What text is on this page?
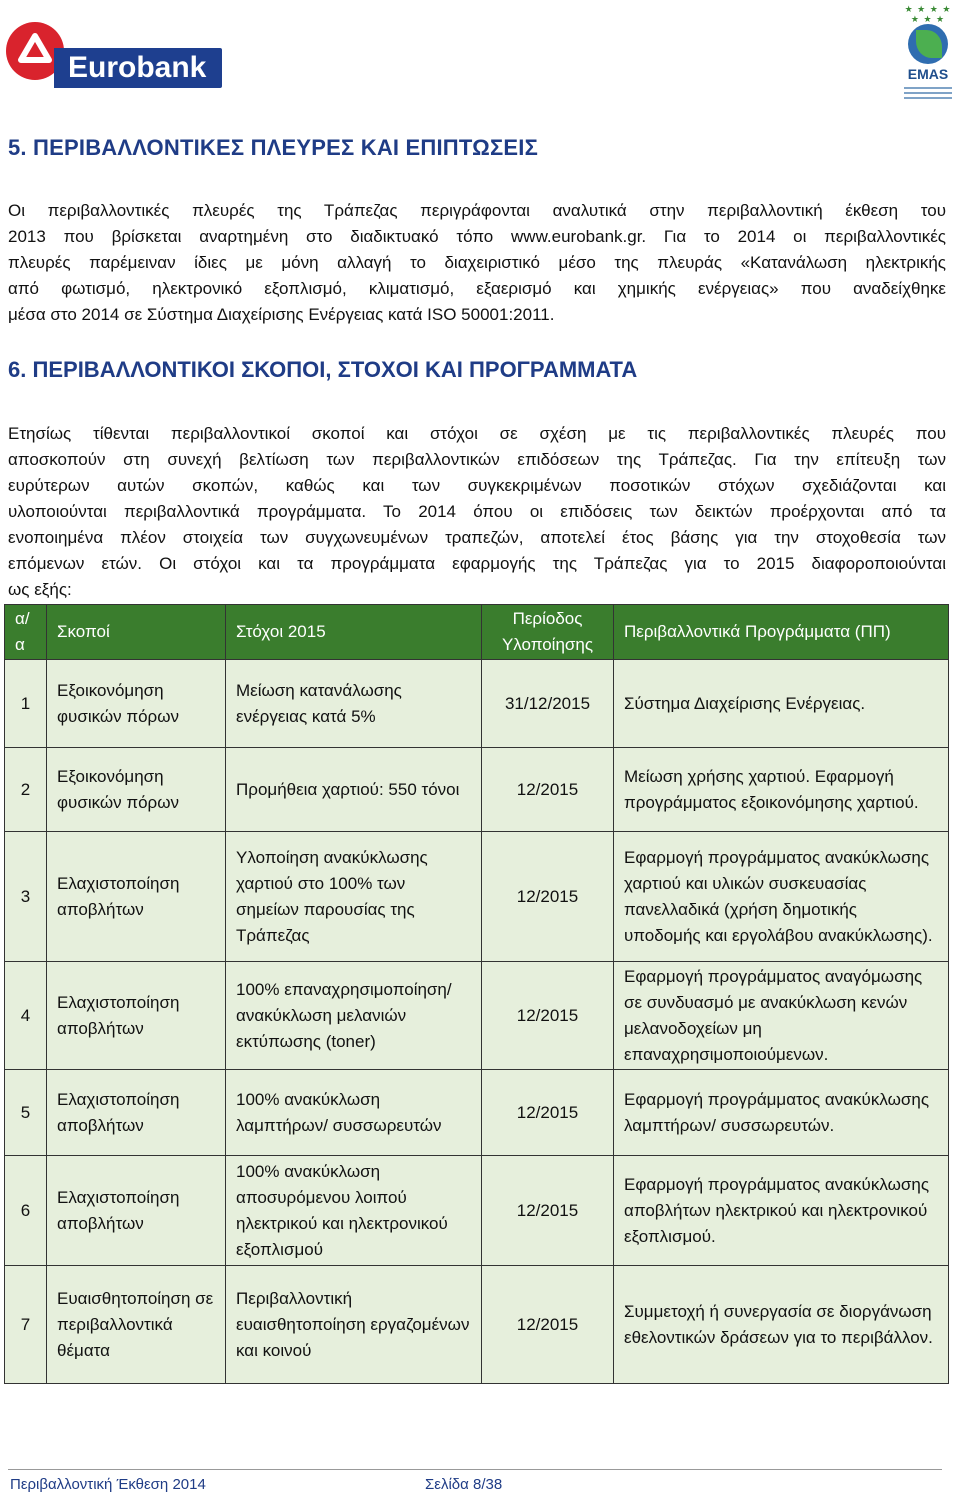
Eurobank
★ ★ ★ ★
★ ★ ★
EMAS
5. ΠΕΡΙΒΑΛΛΟΝΤΙΚΕΣ ΠΛΕΥΡΕΣ ΚΑΙ ΕΠΙΠΤΩΣΕΙΣ
Οι περιβαλλοντικές πλευρές της Τράπεζας περιγράφονται αναλυτικά στην περιβαλλοντική έκθεση του
2013 που βρίσκεται αναρτημένη στο διαδικτυακό τόπο www.eurobank.gr. Για το 2014 οι περιβαλλοντικές
πλευρές παρέμειναν ίδιες με μόνη αλλαγή το διαχειριστικό μέσο της πλευράς «Κατανάλωση ηλεκτρικής
από φωτισμό, ηλεκτρονικό εξοπλισμό, κλιματισμό, εξαερισμό και χημικής ενέργειας» που αναδείχθηκε
μέσα στο 2014 σε Σύστημα Διαχείρισης Ενέργειας κατά ISO 50001:2011.
6. ΠΕΡΙΒΑΛΛΟΝΤΙΚΟΙ ΣΚΟΠΟΙ, ΣΤΟΧΟΙ ΚΑΙ ΠΡΟΓΡΑΜΜΑΤΑ
Ετησίως τίθενται περιβαλλοντικοί σκοποί και στόχοι σε σχέση με τις περιβαλλοντικές πλευρές που
αποσκοπούν στη συνεχή βελτίωση των περιβαλλοντικών επιδόσεων της Τράπεζας. Για την επίτευξη των
ευρύτερων αυτών σκοπών, καθώς και των συγκεκριμένων ποσοτικών στόχων σχεδιάζονται και
υλοποιούνται περιβαλλοντικά προγράμματα. Το 2014 όπου οι επιδόσεις των δεικτών προέρχονται από τα
ενοποιημένα πλέον στοιχεία των συγχωνευμένων τραπεζών, αποτελεί έτος βάσης για την στοχοθεσία των
επόμενων ετών. Οι στόχοι και τα προγράμματα εφαρμογής της Τράπεζας για το 2015 διαφοροποιούνται
ως εξής:
α/ α	Σκοποί	Στόχοι 2015	Περίοδος Υλοποίησης	Περιβαλλοντικά Προγράμματα (ΠΠ)
1	Εξοικονόμηση φυσικών πόρων	Μείωση κατανάλωσης ενέργειας κατά 5%	31/12/2015	Σύστημα Διαχείρισης Ενέργειας.
2	Εξοικονόμηση φυσικών πόρων	Προμήθεια χαρτιού: 550 τόνοι	12/2015	Μείωση χρήσης χαρτιού. Εφαρμογή προγράμματος εξοικονόμησης χαρτιού.
3	Ελαχιστοποίηση αποβλήτων	Υλοποίηση ανακύκλωσης χαρτιού στο 100% των σημείων παρουσίας της Τράπεζας	12/2015	Εφαρμογή προγράμματος ανακύκλωσης χαρτιού και υλικών συσκευασίας πανελλαδικά (χρήση δημοτικής υποδομής και εργολάβου ανακύκλωσης).
4	Ελαχιστοποίηση αποβλήτων	100% επαναχρησιμοποίηση/ ανακύκλωση μελανιών εκτύπωσης (toner)	12/2015	Εφαρμογή προγράμματος αναγόμωσης σε συνδυασμό με ανακύκλωση κενών μελανοδοχείων μη επαναχρησιμοποιούμενων.
5	Ελαχιστοποίηση αποβλήτων	100% ανακύκλωση λαμπτήρων/ συσσωρευτών	12/2015	Εφαρμογή προγράμματος ανακύκλωσης λαμπτήρων/ συσσωρευτών.
6	Ελαχιστοποίηση αποβλήτων	100% ανακύκλωση αποσυρόμενου λοιπού ηλεκτρικού και ηλεκτρονικού εξοπλισμού	12/2015	Εφαρμογή προγράμματος ανακύκλωσης αποβλήτων ηλεκτρικού και ηλεκτρονικού εξοπλισμού.
7	Ευαισθητοποίηση σε περιβαλλοντικά θέματα	Περιβαλλοντική ευαισθητοποίηση εργαζομένων και κοινού	12/2015	Συμμετοχή ή συνεργασία σε διοργάνωση εθελοντικών δράσεων για το περιβάλλον.
Περιβαλλοντική Έκθεση 2014	Σελίδα 8/38
